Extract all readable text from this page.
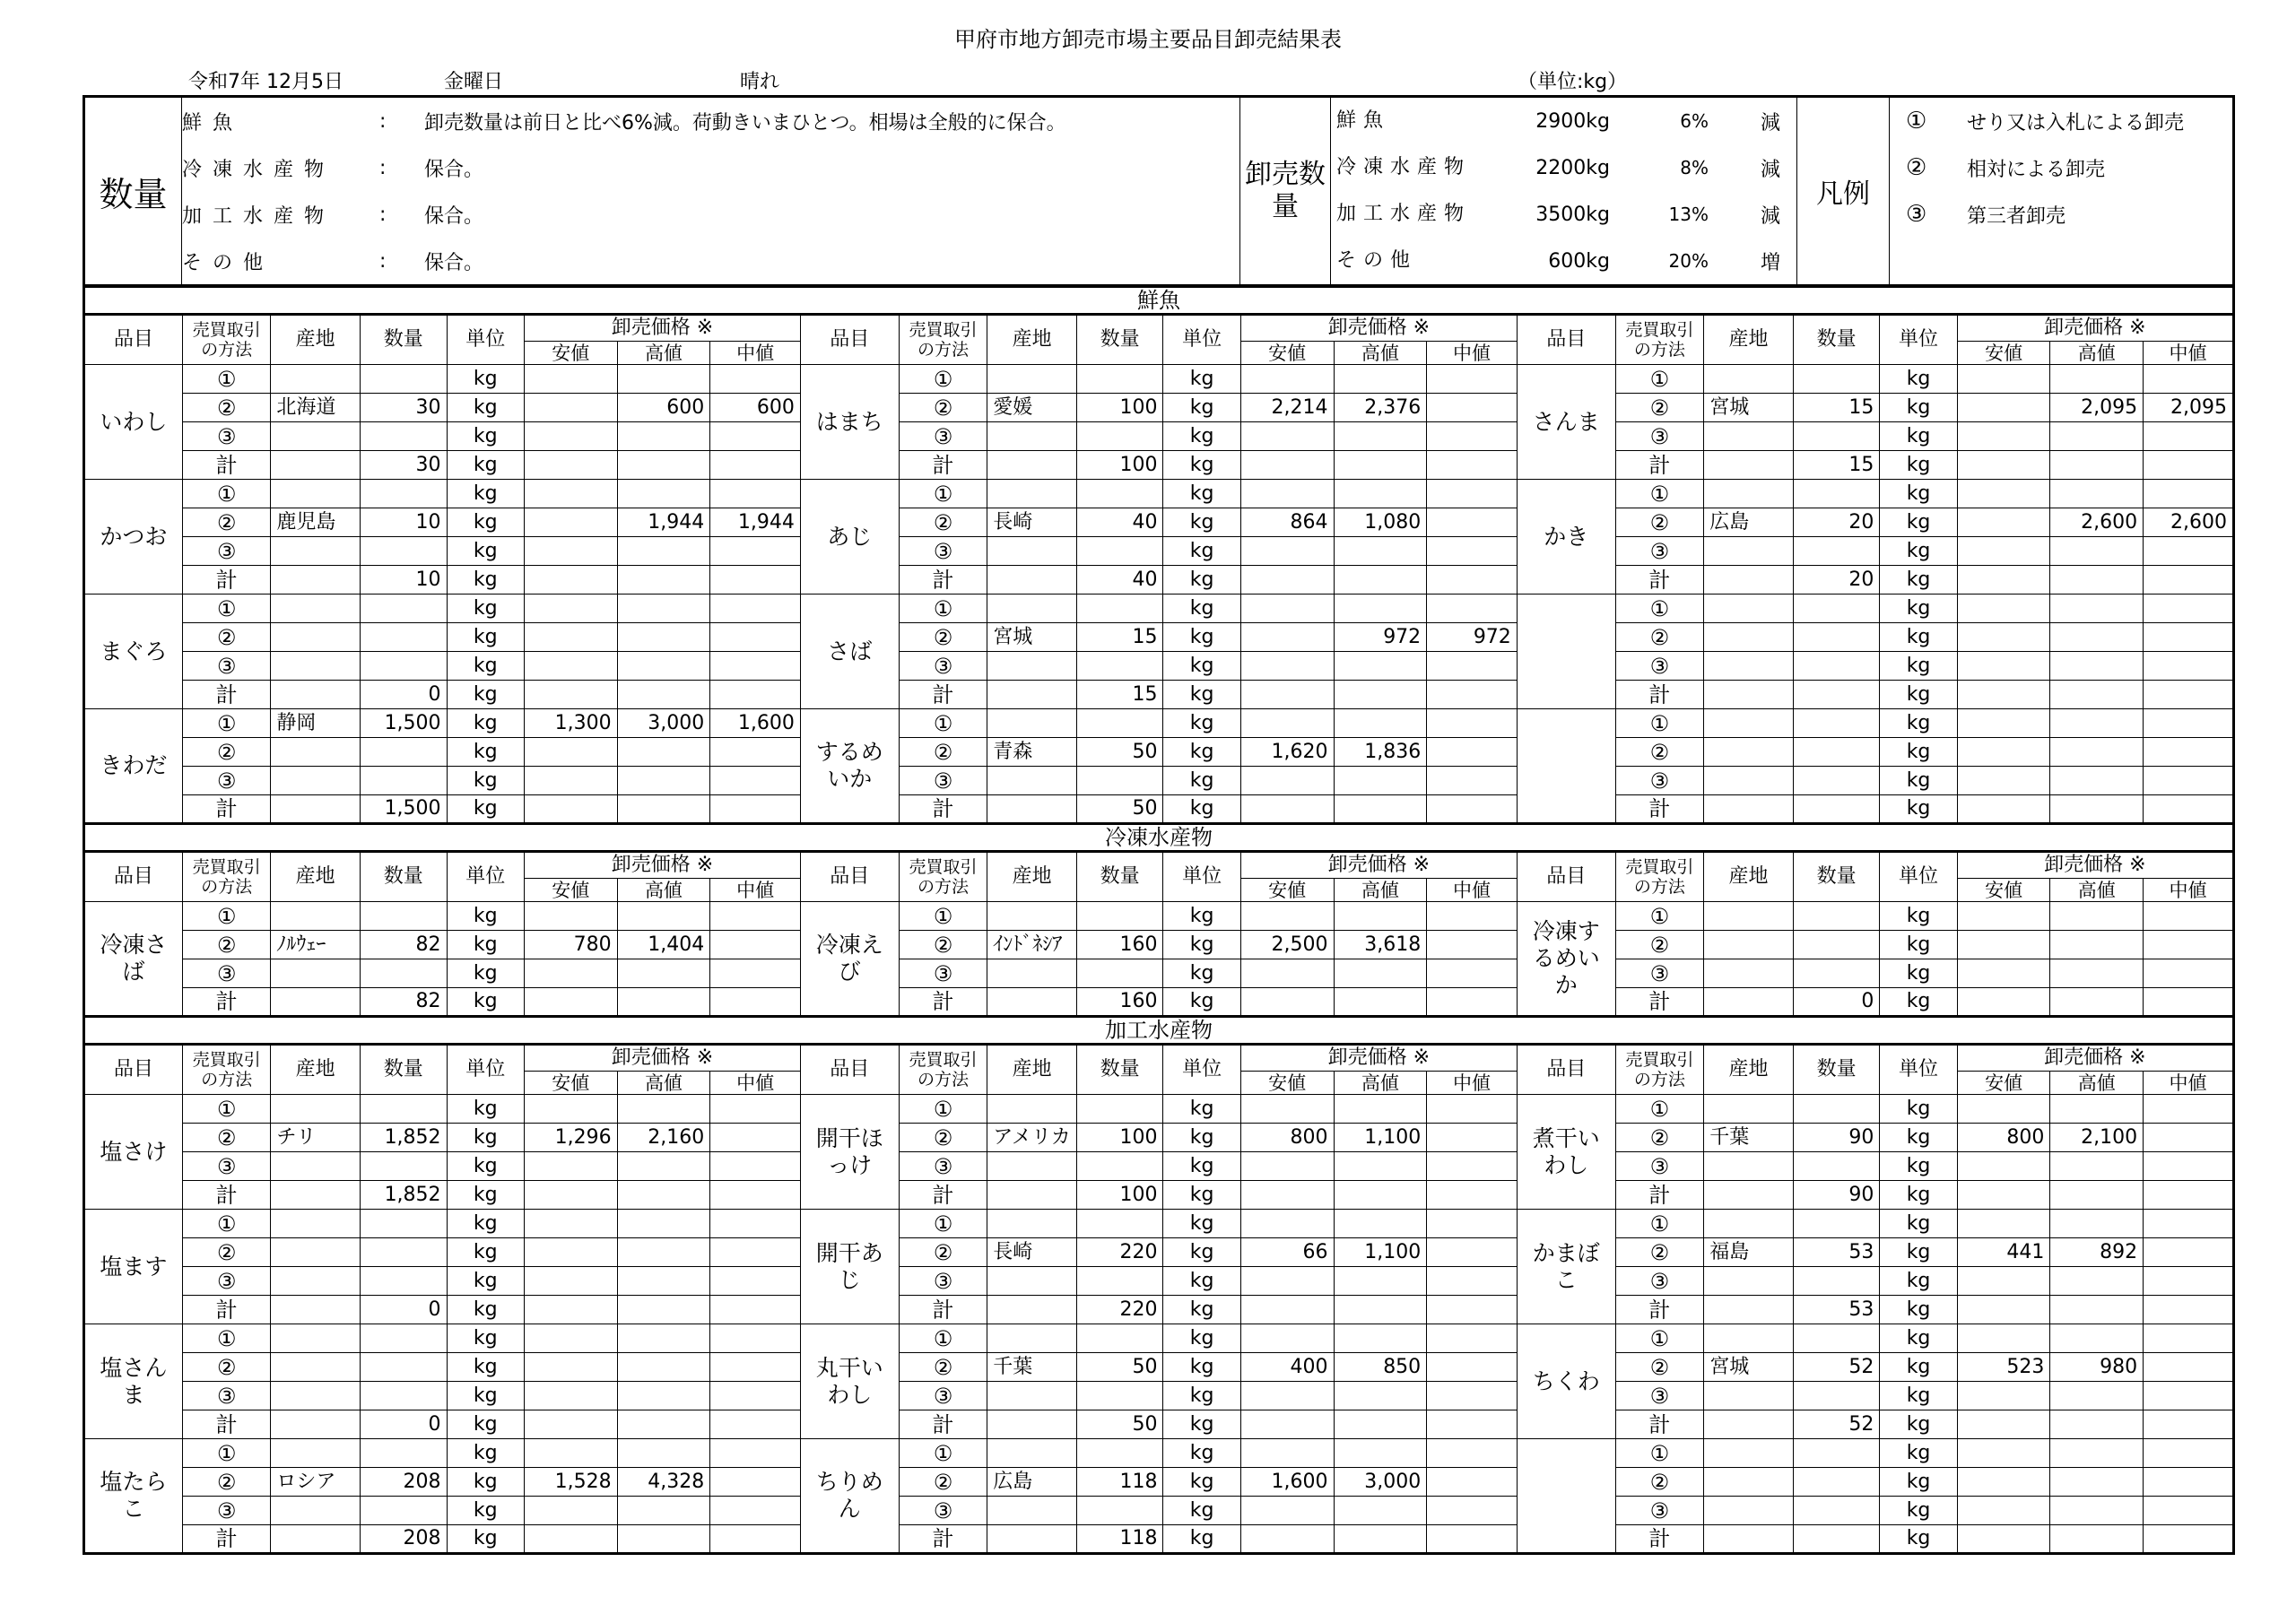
甲府市地方卸売市場主要品目卸売結果表
令和7年 12月5日	金曜日	晴れ	（単位:kg）
数量
鮮魚	:	卸売数量は前日と比べ6%減。荷動きいまひとつ。相場は全般的に保合。
冷凍水産物	:	保合。
加工水産物	:	保合。
その他	:	保合。
卸売数量
鮮魚	2900kg	6%	減
冷凍水産物	2200kg	8%	減
加工水産物	3500kg	13%	減
その他	600kg	20%	増
凡例
①	せり又は入札による卸売
②	相対による卸売
③	第三者卸売
鮮魚																							
品目	売買取引の方法	産地	数量	単位	卸売価格 ※			品目	売買取引の方法	産地	数量	単位	卸売価格 ※			品目	売買取引の方法	産地	数量	単位	卸売価格 ※		
					安値	高値	中値						安値	高値	中値						安値	高値	中値
いわし	①			kg				はまち	①			kg				さんま	①			kg			
	②	北海道	30	kg		600	600		②	愛媛	100	kg	2,214	2,376			②	宮城	15	kg		2,095	2,095
	③			kg					③			kg					③			kg			
	計		30	kg					計		100	kg					計		15	kg			
かつお	①			kg				あじ	①			kg				かき	①			kg			
	②	鹿児島	10	kg		1,944	1,944		②	長崎	40	kg	864	1,080			②	広島	20	kg		2,600	2,600
	③			kg					③			kg					③			kg			
	計		10	kg					計		40	kg					計		20	kg			
まぐろ	①			kg				さば	①			kg					①			kg			
	②			kg					②	宮城	15	kg		972	972		②			kg			
	③			kg					③			kg					③			kg			
	計		0	kg					計		15	kg					計			kg			
きわだ	①	静岡	1,500	kg	1,300	3,000	1,600	するめいか	①			kg					①			kg			
	②			kg					②	青森	50	kg	1,620	1,836			②			kg			
	③			kg					③			kg					③			kg			
	計		1,500	kg					計		50	kg					計			kg			
冷凍水産物																							
品目	売買取引の方法	産地	数量	単位	卸売価格 ※			品目	売買取引の方法	産地	数量	単位	卸売価格 ※			品目	売買取引の方法	産地	数量	単位	卸売価格 ※		
					安値	高値	中値						安値	高値	中値						安値	高値	中値
冷凍さば	①			kg				冷凍えび	①			kg				冷凍するめいか	①			kg			
	②	ﾉﾙｳｪｰ	82	kg	780	1,404			②	ｲﾝﾄﾞﾈｼｱ	160	kg	2,500	3,618			②			kg			
	③			kg					③			kg					③			kg			
	計		82	kg					計		160	kg					計		0	kg			
加工水産物																							
品目	売買取引の方法	産地	数量	単位	卸売価格 ※			品目	売買取引の方法	産地	数量	単位	卸売価格 ※			品目	売買取引の方法	産地	数量	単位	卸売価格 ※		
					安値	高値	中値						安値	高値	中値						安値	高値	中値
塩さけ	①			kg				開干ほっけ	①			kg				煮干いわし	①			kg			
	②	チリ	1,852	kg	1,296	2,160			②	アメリカ	100	kg	800	1,100			②	千葉	90	kg	800	2,100	
	③			kg					③			kg					③			kg			
	計		1,852	kg					計		100	kg					計		90	kg			
塩ます	①			kg				開干あじ	①			kg				かまぼこ	①			kg			
	②			kg					②	長崎	220	kg	66	1,100			②	福島	53	kg	441	892	
	③			kg					③			kg					③			kg			
	計		0	kg					計		220	kg					計		53	kg			
塩さんま	①			kg				丸干いわし	①			kg				ちくわ	①			kg			
	②			kg					②	千葉	50	kg	400	850			②	宮城	52	kg	523	980	
	③			kg					③			kg					③			kg			
	計		0	kg					計		50	kg					計		52	kg			
塩たらこ	①			kg				ちりめん	①			kg					①			kg			
	②	ロシア	208	kg	1,528	4,328			②	広島	118	kg	1,600	3,000			②			kg			
	③			kg					③			kg					③			kg			
	計		208	kg					計		118	kg					計			kg			
